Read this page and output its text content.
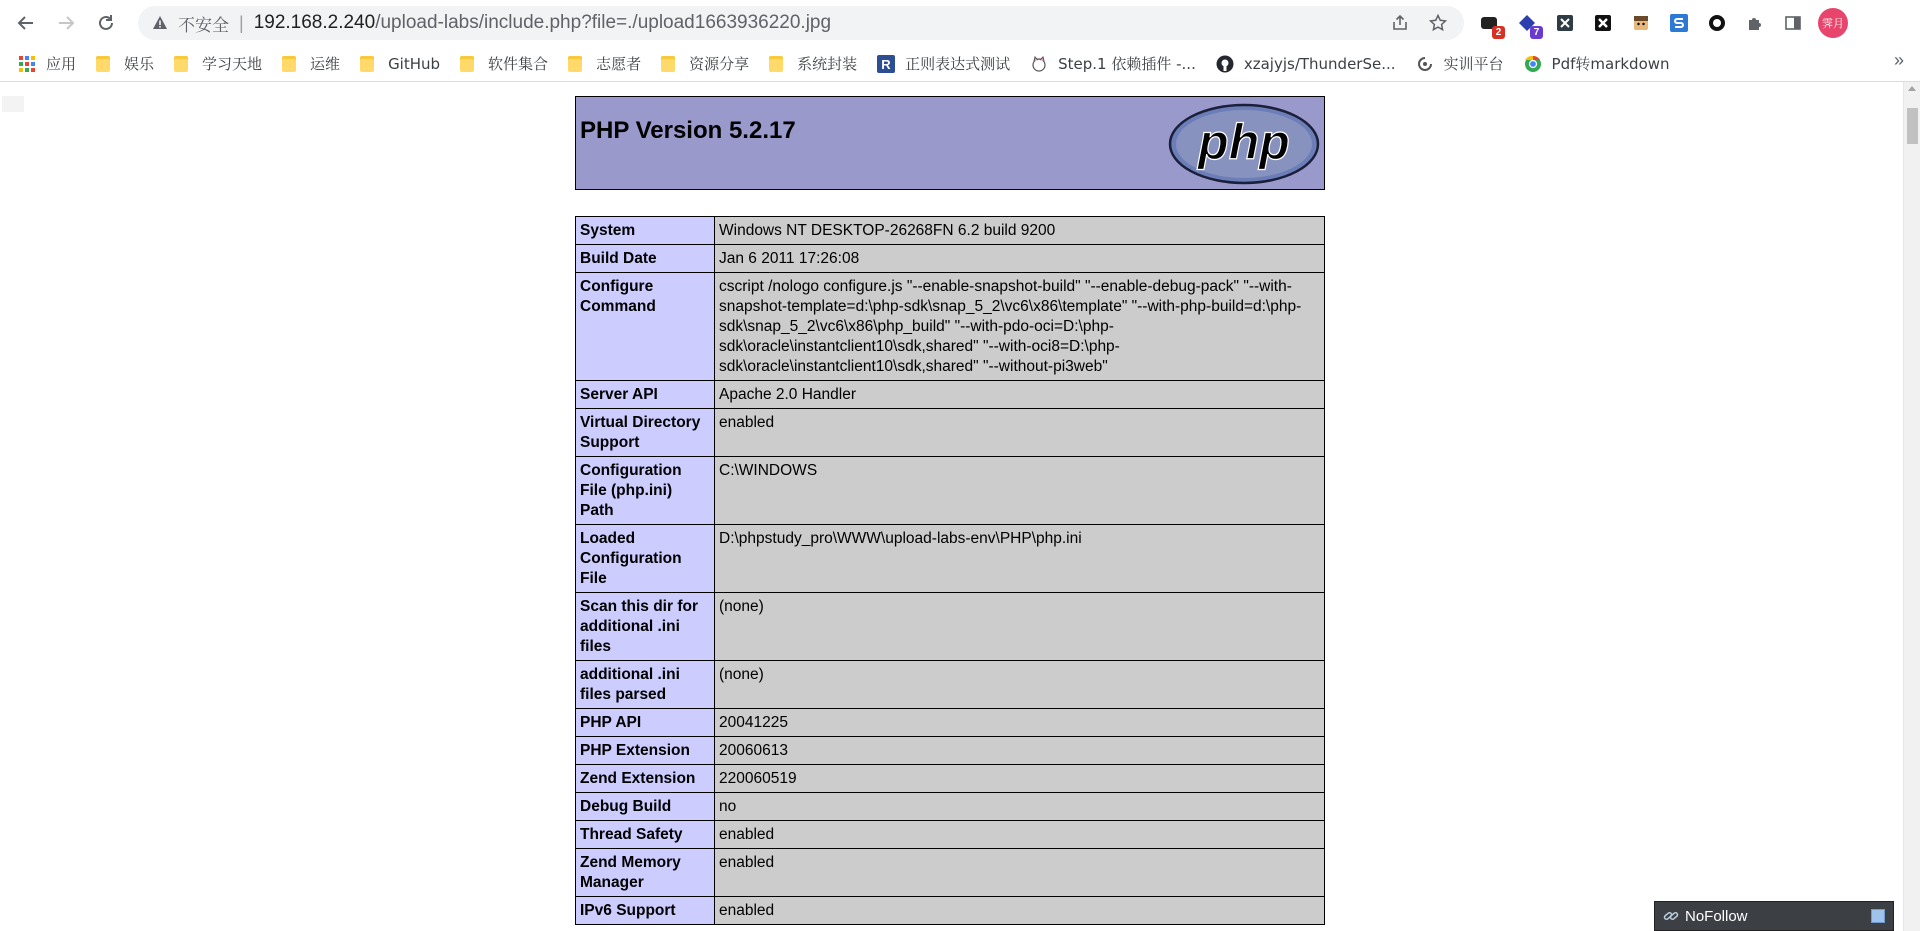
不安全 | 192.168.2.240 /upload-labs/include.php?file=./upload1663936220.jpg	2	7
霁月
应用	娱乐	学习天地	运维	GitHub	软件集合	志愿者	资源分享	系统封装 R 正则表达式测试	Step.1 依赖插件 -...	xzajyjs/ThunderSe...	实训平台	Pdf转markdown	»
PHP Version 5.2.17	php
System	Windows NT DESKTOP-26268FN 6.2 build 9200
Build Date	Jan 6 2011 17:26:08
Configure Command	cscript /nologo configure.js "--enable-snapshot-build" "--enable-debug-pack" "--with-snapshot-template=d:\php-sdk\snap_5_2\vc6\x86\template" "--with-php-build=d:\php-sdk\snap_5_2\vc6\x86\php_build" "--with-pdo-oci=D:\php-sdk\oracle\instantclient10\sdk,shared" "--with-oci8=D:\php-sdk\oracle\instantclient10\sdk,shared" "--without-pi3web"
Server API	Apache 2.0 Handler
Virtual Directory Support	enabled
Configuration File (php.ini) Path	C:\WINDOWS
Loaded Configuration File	D:\phpstudy_pro\WWW\upload-labs-env\PHP\php.ini
Scan this dir for additional .ini files	(none)
additional .ini files parsed	(none)
PHP API	20041225
PHP Extension	20060613
Zend Extension	220060519
Debug Build	no
Thread Safety	enabled
Zend Memory Manager	enabled
IPv6 Support	enabled	NoFollow
